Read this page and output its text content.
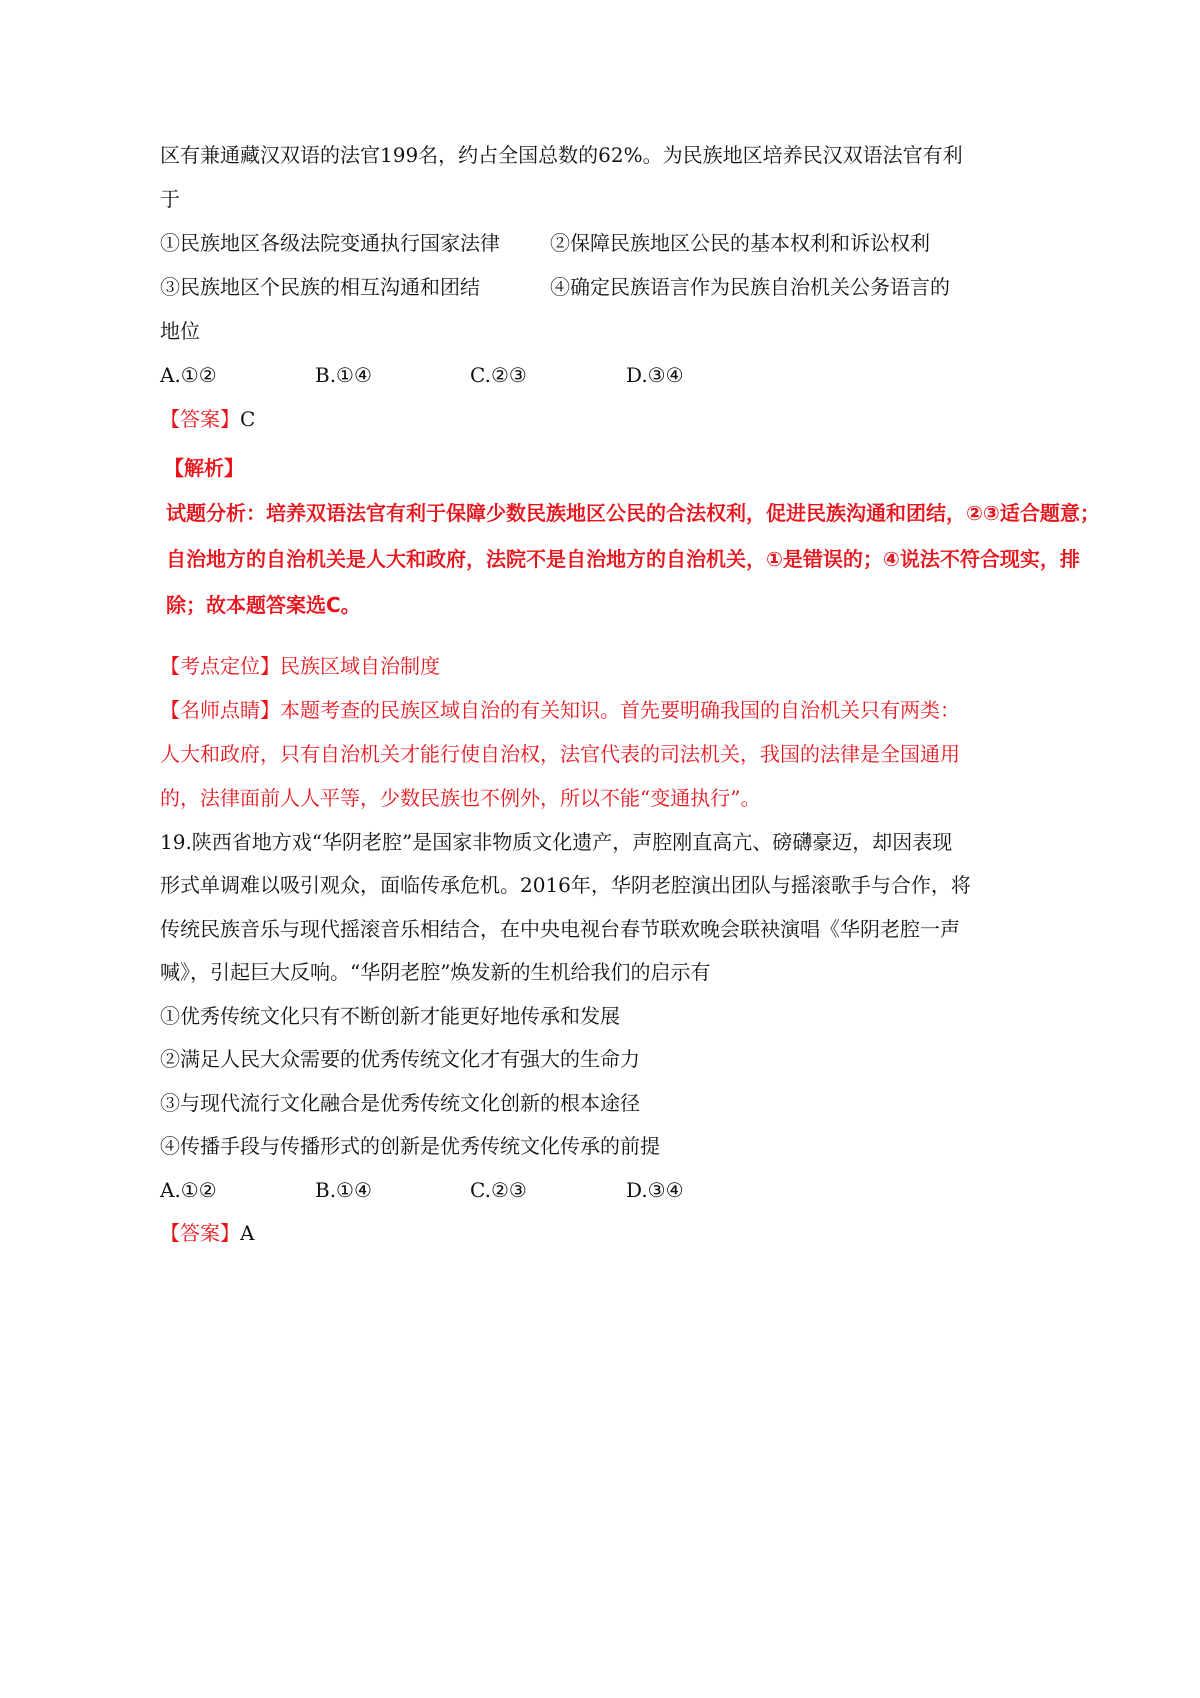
区有兼通藏汉双语的法官199名，约占全国总数的62%。为民族地区培养民汉双语法官有利
于
①民族地区各级法院变通执行国家法律	②保障民族地区公民的基本权利和诉讼权利
③民族地区个民族的相互沟通和团结	④确定民族语言作为民族自治机关公务语言的
地位
A.①②	B.①④	C.②③	D.③④
【答案】C
【解析】
试题分析：培养双语法官有利于保障少数民族地区公民的合法权利，促进民族沟通和团结，②③适合题意；
自治地方的自治机关是人大和政府，法院不是自治地方的自治机关，①是错误的；④说法不符合现实，排
除；故本题答案选C。
【考点定位】民族区域自治制度
【名师点睛】本题考查的民族区域自治的有关知识。首先要明确我国的自治机关只有两类：
人大和政府，只有自治机关才能行使自治权，法官代表的司法机关，我国的法律是全国通用
的，法律面前人人平等，少数民族也不例外，所以不能“变通执行”。
19.陕西省地方戏“华阴老腔”是国家非物质文化遗产，声腔刚直高亢、磅礴豪迈，却因表现
形式单调难以吸引观众，面临传承危机。2016年，华阴老腔演出团队与摇滚歌手与合作，将
传统民族音乐与现代摇滚音乐相结合，在中央电视台春节联欢晚会联袂演唱《华阴老腔一声
喊》，引起巨大反响。“华阴老腔”焕发新的生机给我们的启示有
①优秀传统文化只有不断创新才能更好地传承和发展
②满足人民大众需要的优秀传统文化才有强大的生命力
③与现代流行文化融合是优秀传统文化创新的根本途径
④传播手段与传播形式的创新是优秀传统文化传承的前提
A.①②	B.①④	C.②③	D.③④
【答案】A
